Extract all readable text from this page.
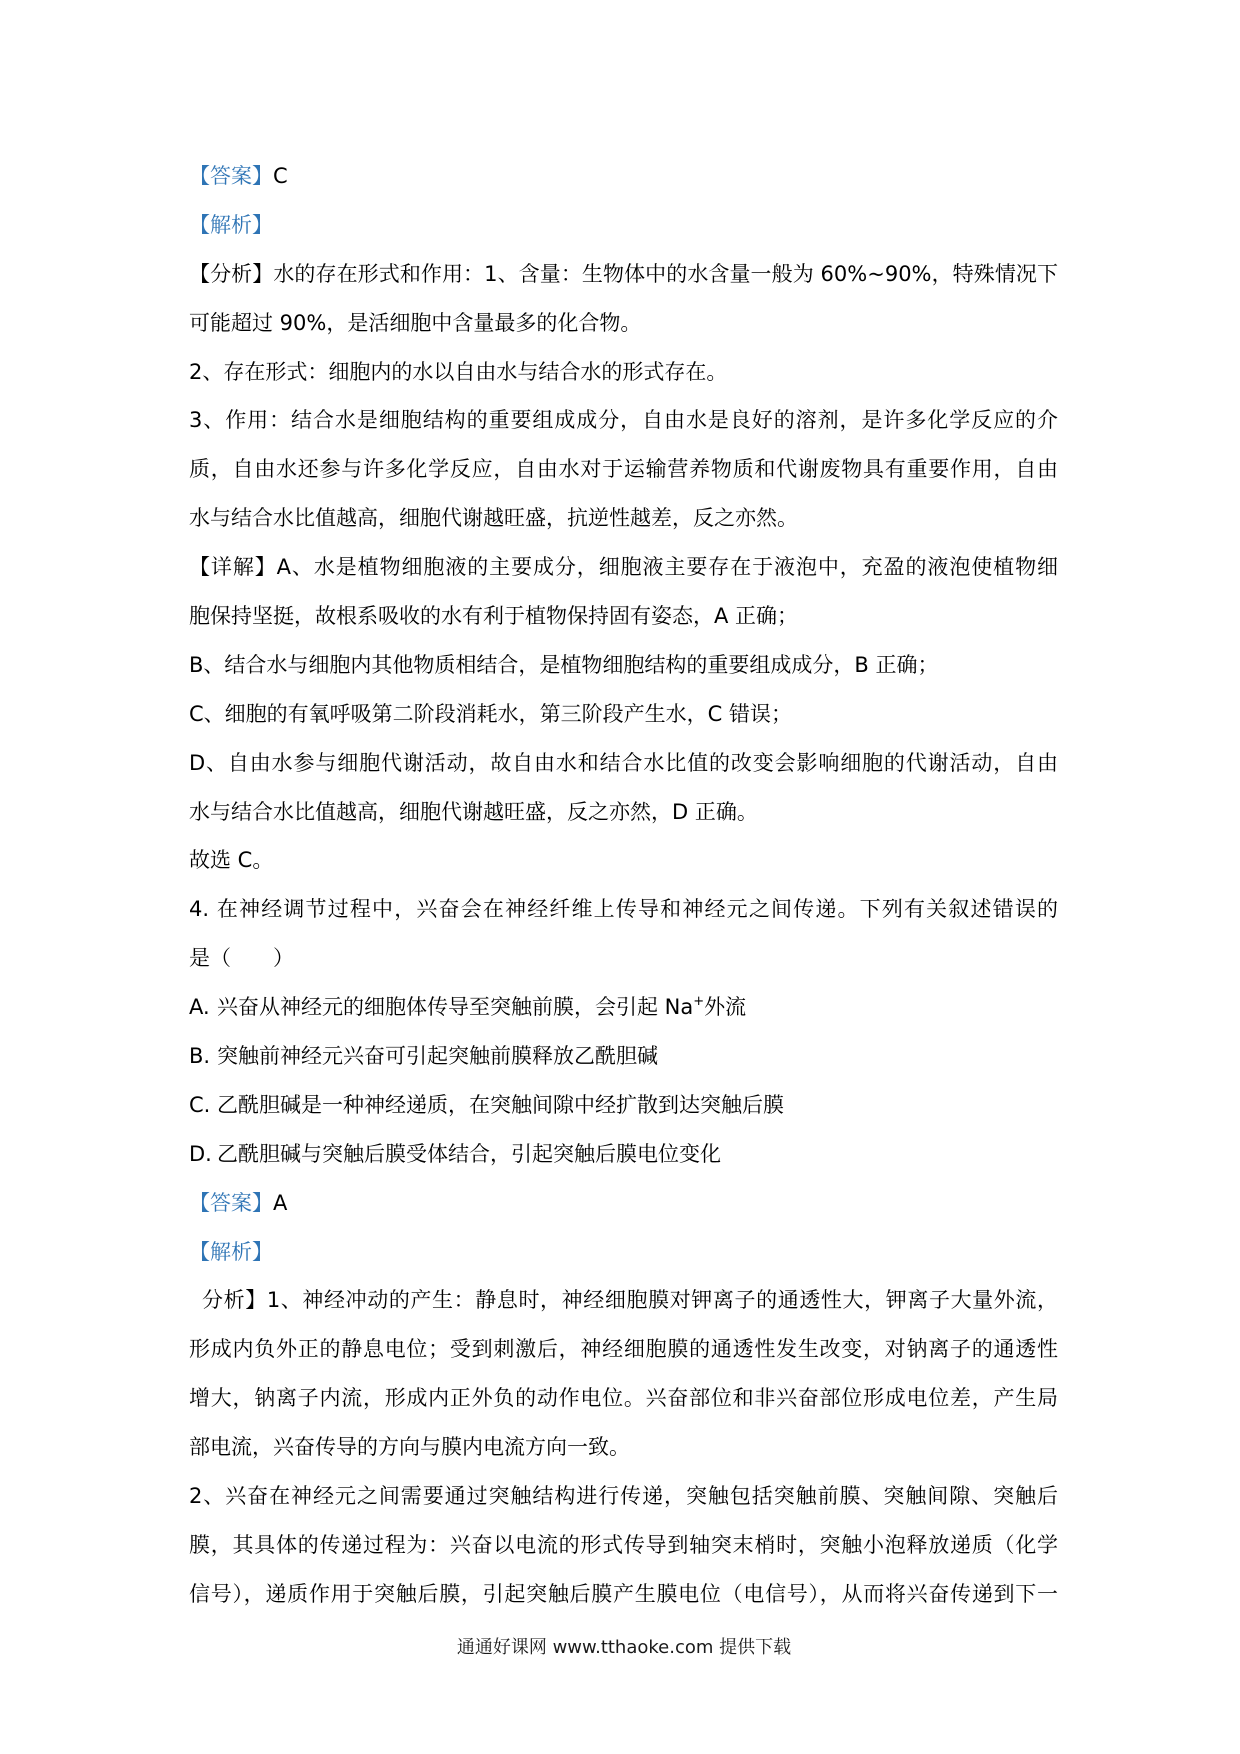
【答案】C
【解析】
【分析】水的存在形式和作用：1、含量：生物体中的水含量一般为 60%~90%，特殊情况下
可能超过 90%，是活细胞中含量最多的化合物。
2、存在形式：细胞内的水以自由水与结合水的形式存在。
3、作用：结合水是细胞结构的重要组成成分，自由水是良好的溶剂，是许多化学反应的介
质，自由水还参与许多化学反应，自由水对于运输营养物质和代谢废物具有重要作用，自由
水与结合水比值越高，细胞代谢越旺盛，抗逆性越差，反之亦然。
【详解】A、水是植物细胞液的主要成分，细胞液主要存在于液泡中，充盈的液泡使植物细
胞保持坚挺，故根系吸收的水有利于植物保持固有姿态，A 正确；
B、结合水与细胞内其他物质相结合，是植物细胞结构的重要组成成分，B 正确；
C、细胞的有氧呼吸第二阶段消耗水，第三阶段产生水，C 错误；
D、自由水参与细胞代谢活动，故自由水和结合水比值的改变会影响细胞的代谢活动，自由
水与结合水比值越高，细胞代谢越旺盛，反之亦然，D 正确。
故选 C。
4. 在神经调节过程中，兴奋会在神经纤维上传导和神经元之间传递。下列有关叙述错误的
是（　　）
A. 兴奋从神经元的细胞体传导至突触前膜，会引起 Na+外流
B. 突触前神经元兴奋可引起突触前膜释放乙酰胆碱
C. 乙酰胆碱是一种神经递质，在突触间隙中经扩散到达突触后膜
D. 乙酰胆碱与突触后膜受体结合，引起突触后膜电位变化
【答案】A
【解析】
分析】1、神经冲动的产生：静息时，神经细胞膜对钾离子的通透性大，钾离子大量外流，
形成内负外正的静息电位；受到刺激后，神经细胞膜的通透性发生改变，对钠离子的通透性
增大，钠离子内流，形成内正外负的动作电位。兴奋部位和非兴奋部位形成电位差，产生局
部电流，兴奋传导的方向与膜内电流方向一致。
2、兴奋在神经元之间需要通过突触结构进行传递，突触包括突触前膜、突触间隙、突触后
膜，其具体的传递过程为：兴奋以电流的形式传导到轴突末梢时，突触小泡释放递质（化学
信号），递质作用于突触后膜，引起突触后膜产生膜电位（电信号），从而将兴奋传递到下一
通通好课网 www.tthaoke.com 提供下载
